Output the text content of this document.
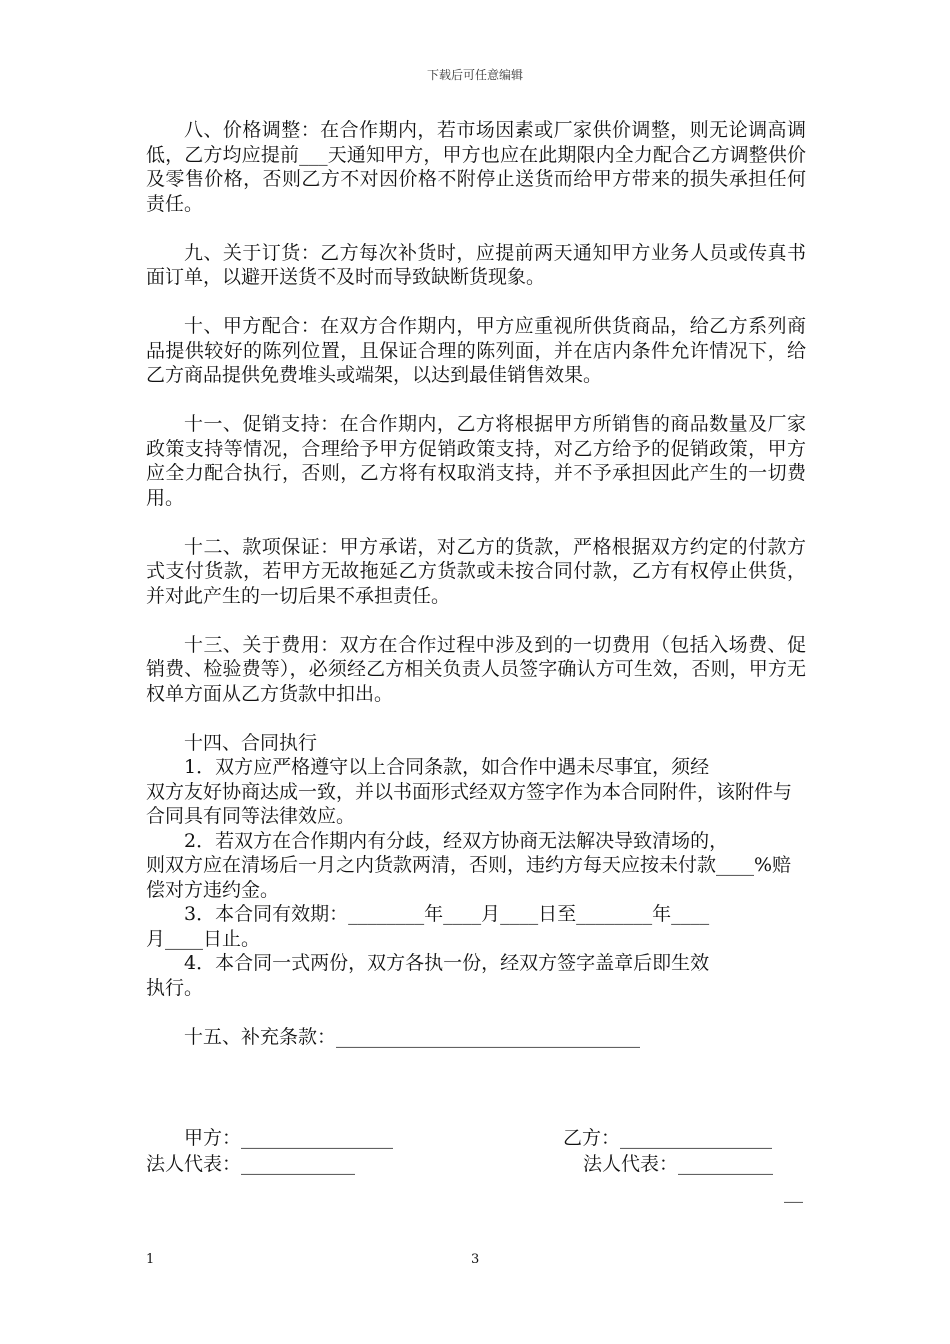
下载后可任意编辑

八、价格调整：在合作期内，若市场因素或厂家供价调整，则无论调高调低，乙方均应提前___天通知甲方，甲方也应在此期限内全力配合乙方调整供价及零售价格，否则乙方不对因价格不附停止送货而给甲方带来的损失承担任何责任。

九、关于订货：乙方每次补货时，应提前两天通知甲方业务人员或传真书面订单，以避开送货不及时而导致缺断货现象。

十、甲方配合：在双方合作期内，甲方应重视所供货商品，给乙方系列商品提供较好的陈列位置，且保证合理的陈列面，并在店内条件允许情况下，给乙方商品提供免费堆头或端架，以达到最佳销售效果。

十一、促销支持：在合作期内，乙方将根据甲方所销售的商品数量及厂家政策支持等情况，合理给予甲方促销政策支持，对乙方给予的促销政策，甲方应全力配合执行，否则，乙方将有权取消支持，并不予承担因此产生的一切费用。

十二、款项保证：甲方承诺，对乙方的货款，严格根据双方约定的付款方式支付货款，若甲方无故拖延乙方货款或未按合同付款，乙方有权停止供货，并对此产生的一切后果不承担责任。

十三、关于费用：双方在合作过程中涉及到的一切费用（包括入场费、促销费、检验费等），必须经乙方相关负责人员签字确认方可生效，否则，甲方无权单方面从乙方货款中扣出。

十四、合同执行

1．双方应严格遵守以上合同条款，如合作中遇未尽事宜，须经

双方友好协商达成一致，并以书面形式经双方签字作为本合同附件，该附件与合同具有同等法律效应。

2．若双方在合作期内有分歧，经双方协商无法解决导致清场的，

则双方应在清场后一月之内货款两清，否则，违约方每天应按未付款____%赔偿对方违约金。

3．本合同有效期：________年____月____日至________年____

月____日止。

4．本合同一式两份，双方各执一份，经双方签字盖章后即生效

执行。

十五、补充条款：________________________________

甲方：________________
法人代表：____________
乙方：________________
法人代表：__________
__
1	3
